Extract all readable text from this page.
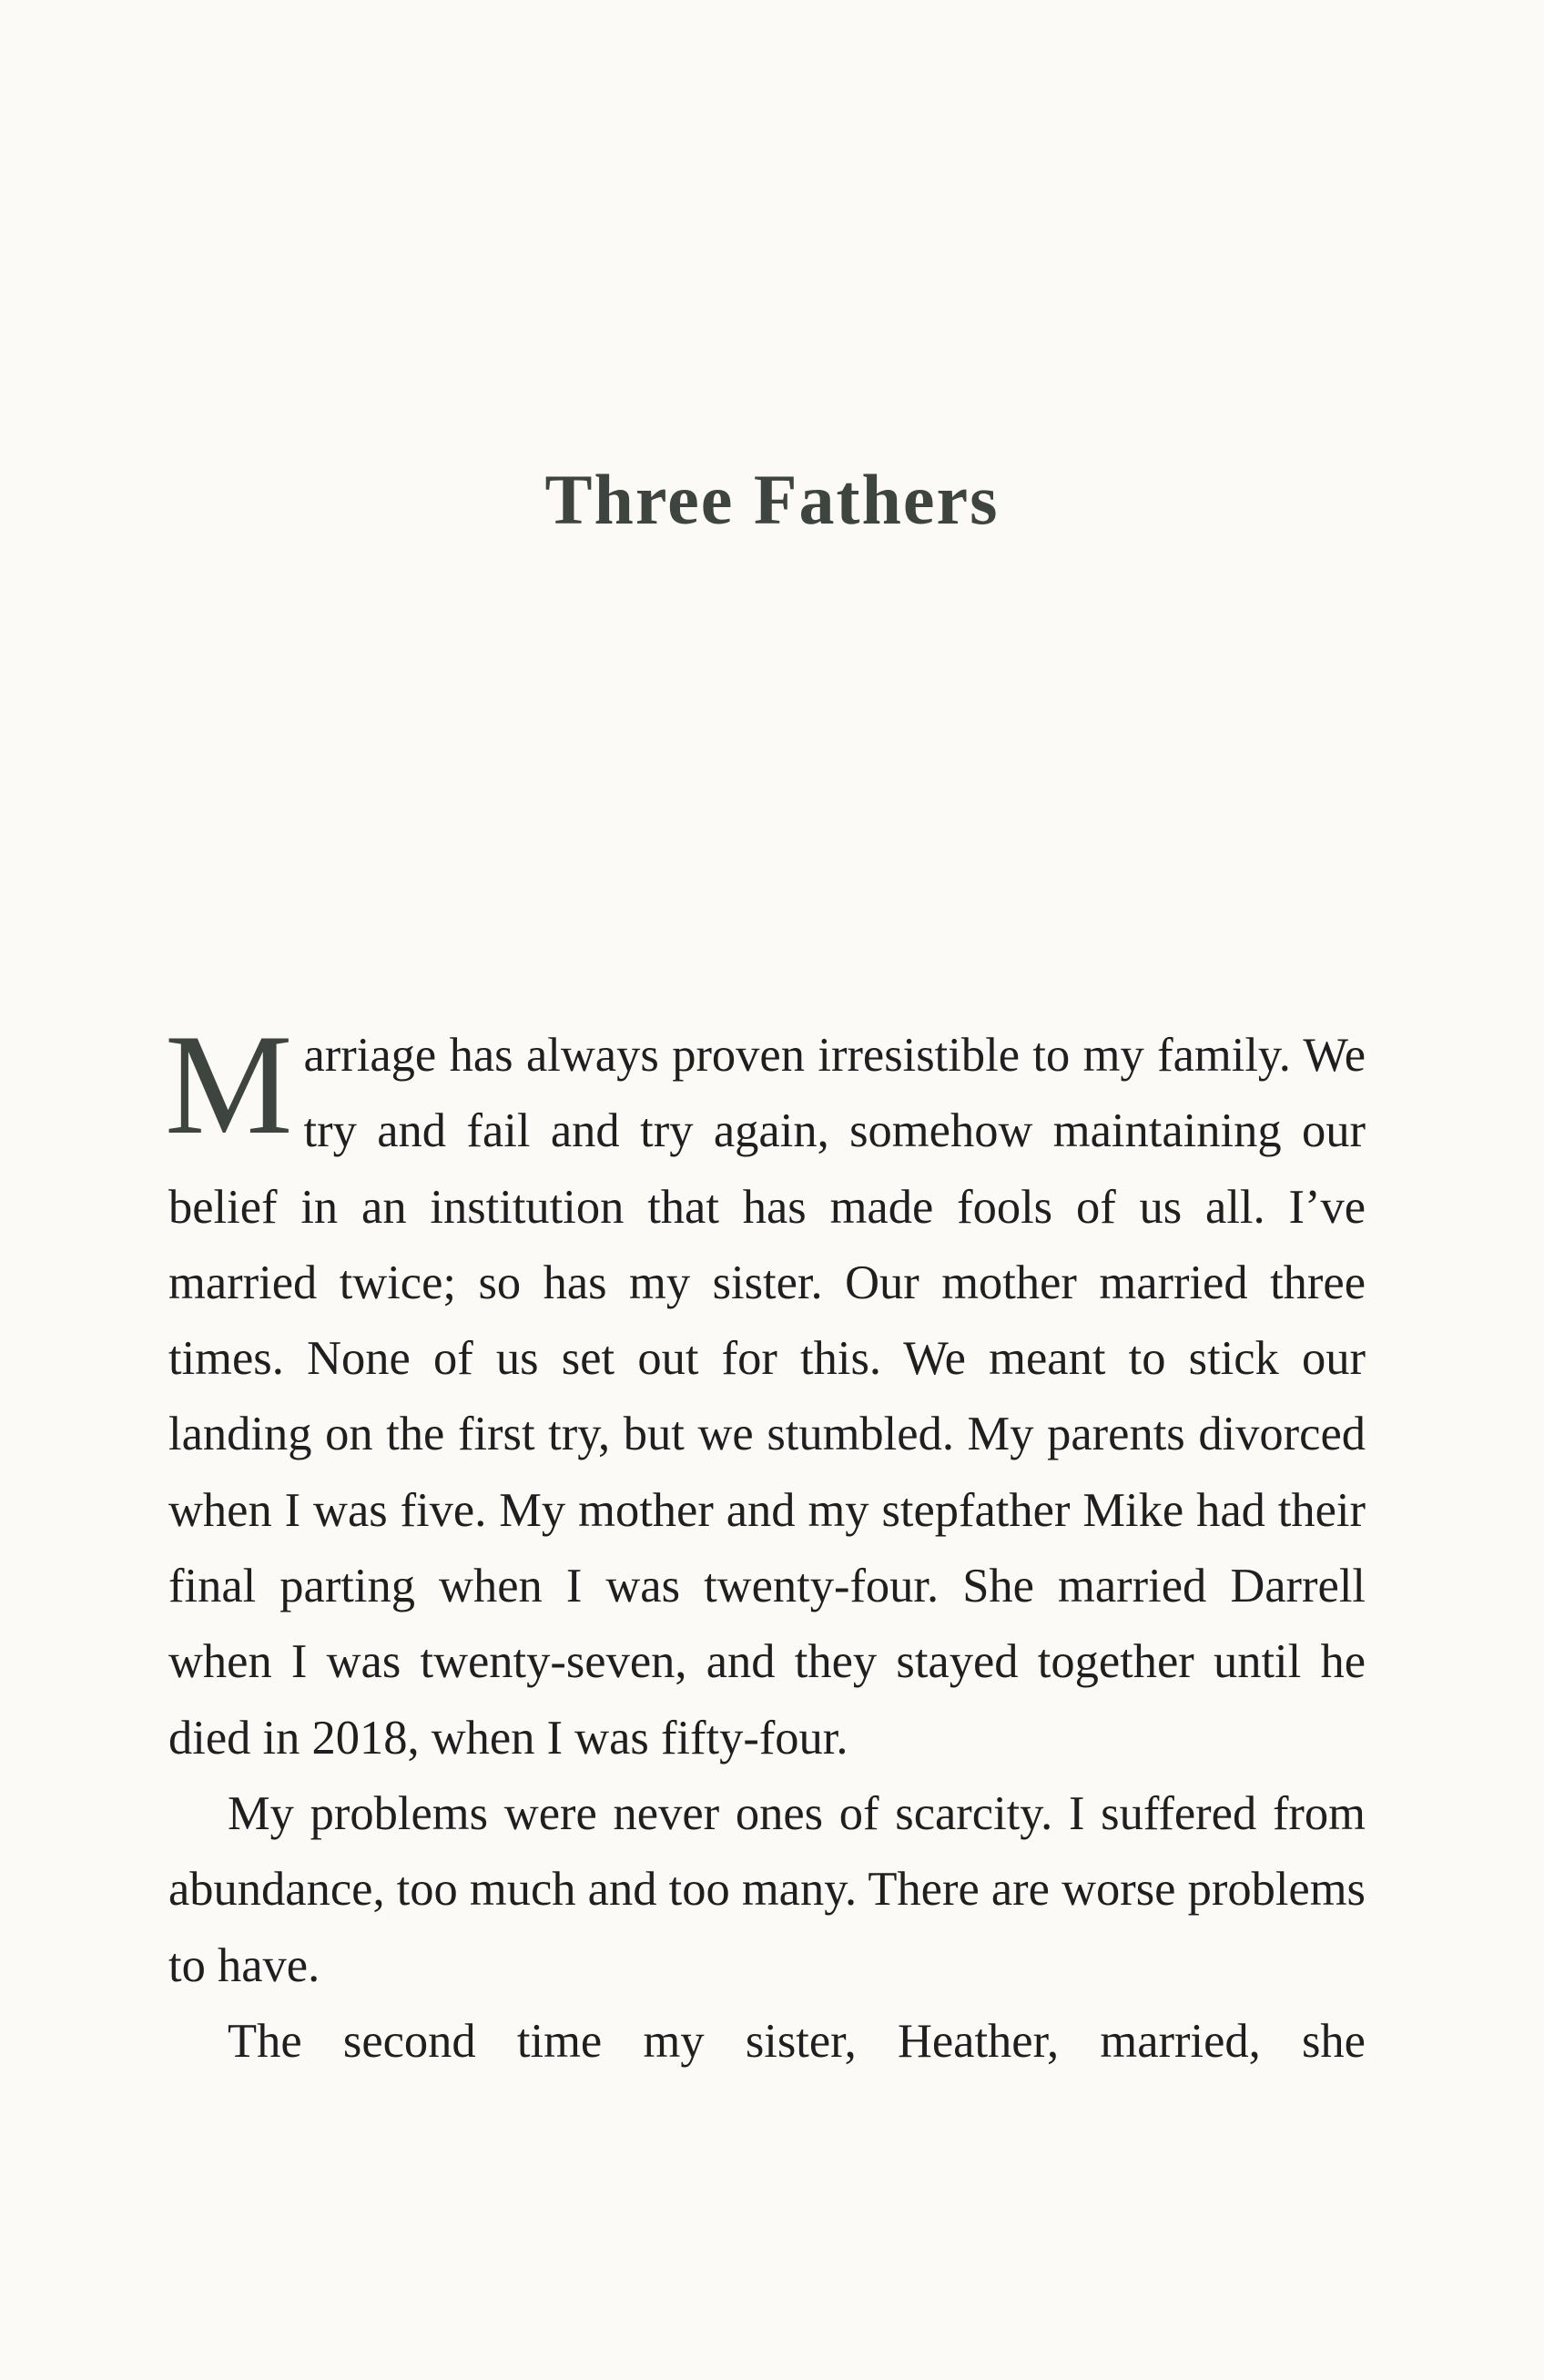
Three Fathers

Marriage has always proven irresistible to my family. We try and fail and try again, somehow maintaining our belief in an institution that has made fools of us all. I’ve married twice; so has my sister. Our mother married three times. None of us set out for this. We meant to stick our landing on the first try, but we stumbled. My parents divorced when I was five. My mother and my stepfather Mike had their final parting when I was twenty-four. She married Darrell when I was twenty-seven, and they stayed together until he died in 2018, when I was fifty-four.

My problems were never ones of scarcity. I suffered from abundance, too much and too many. There are worse problems to have.

The second time my sister, Heather, married, she
